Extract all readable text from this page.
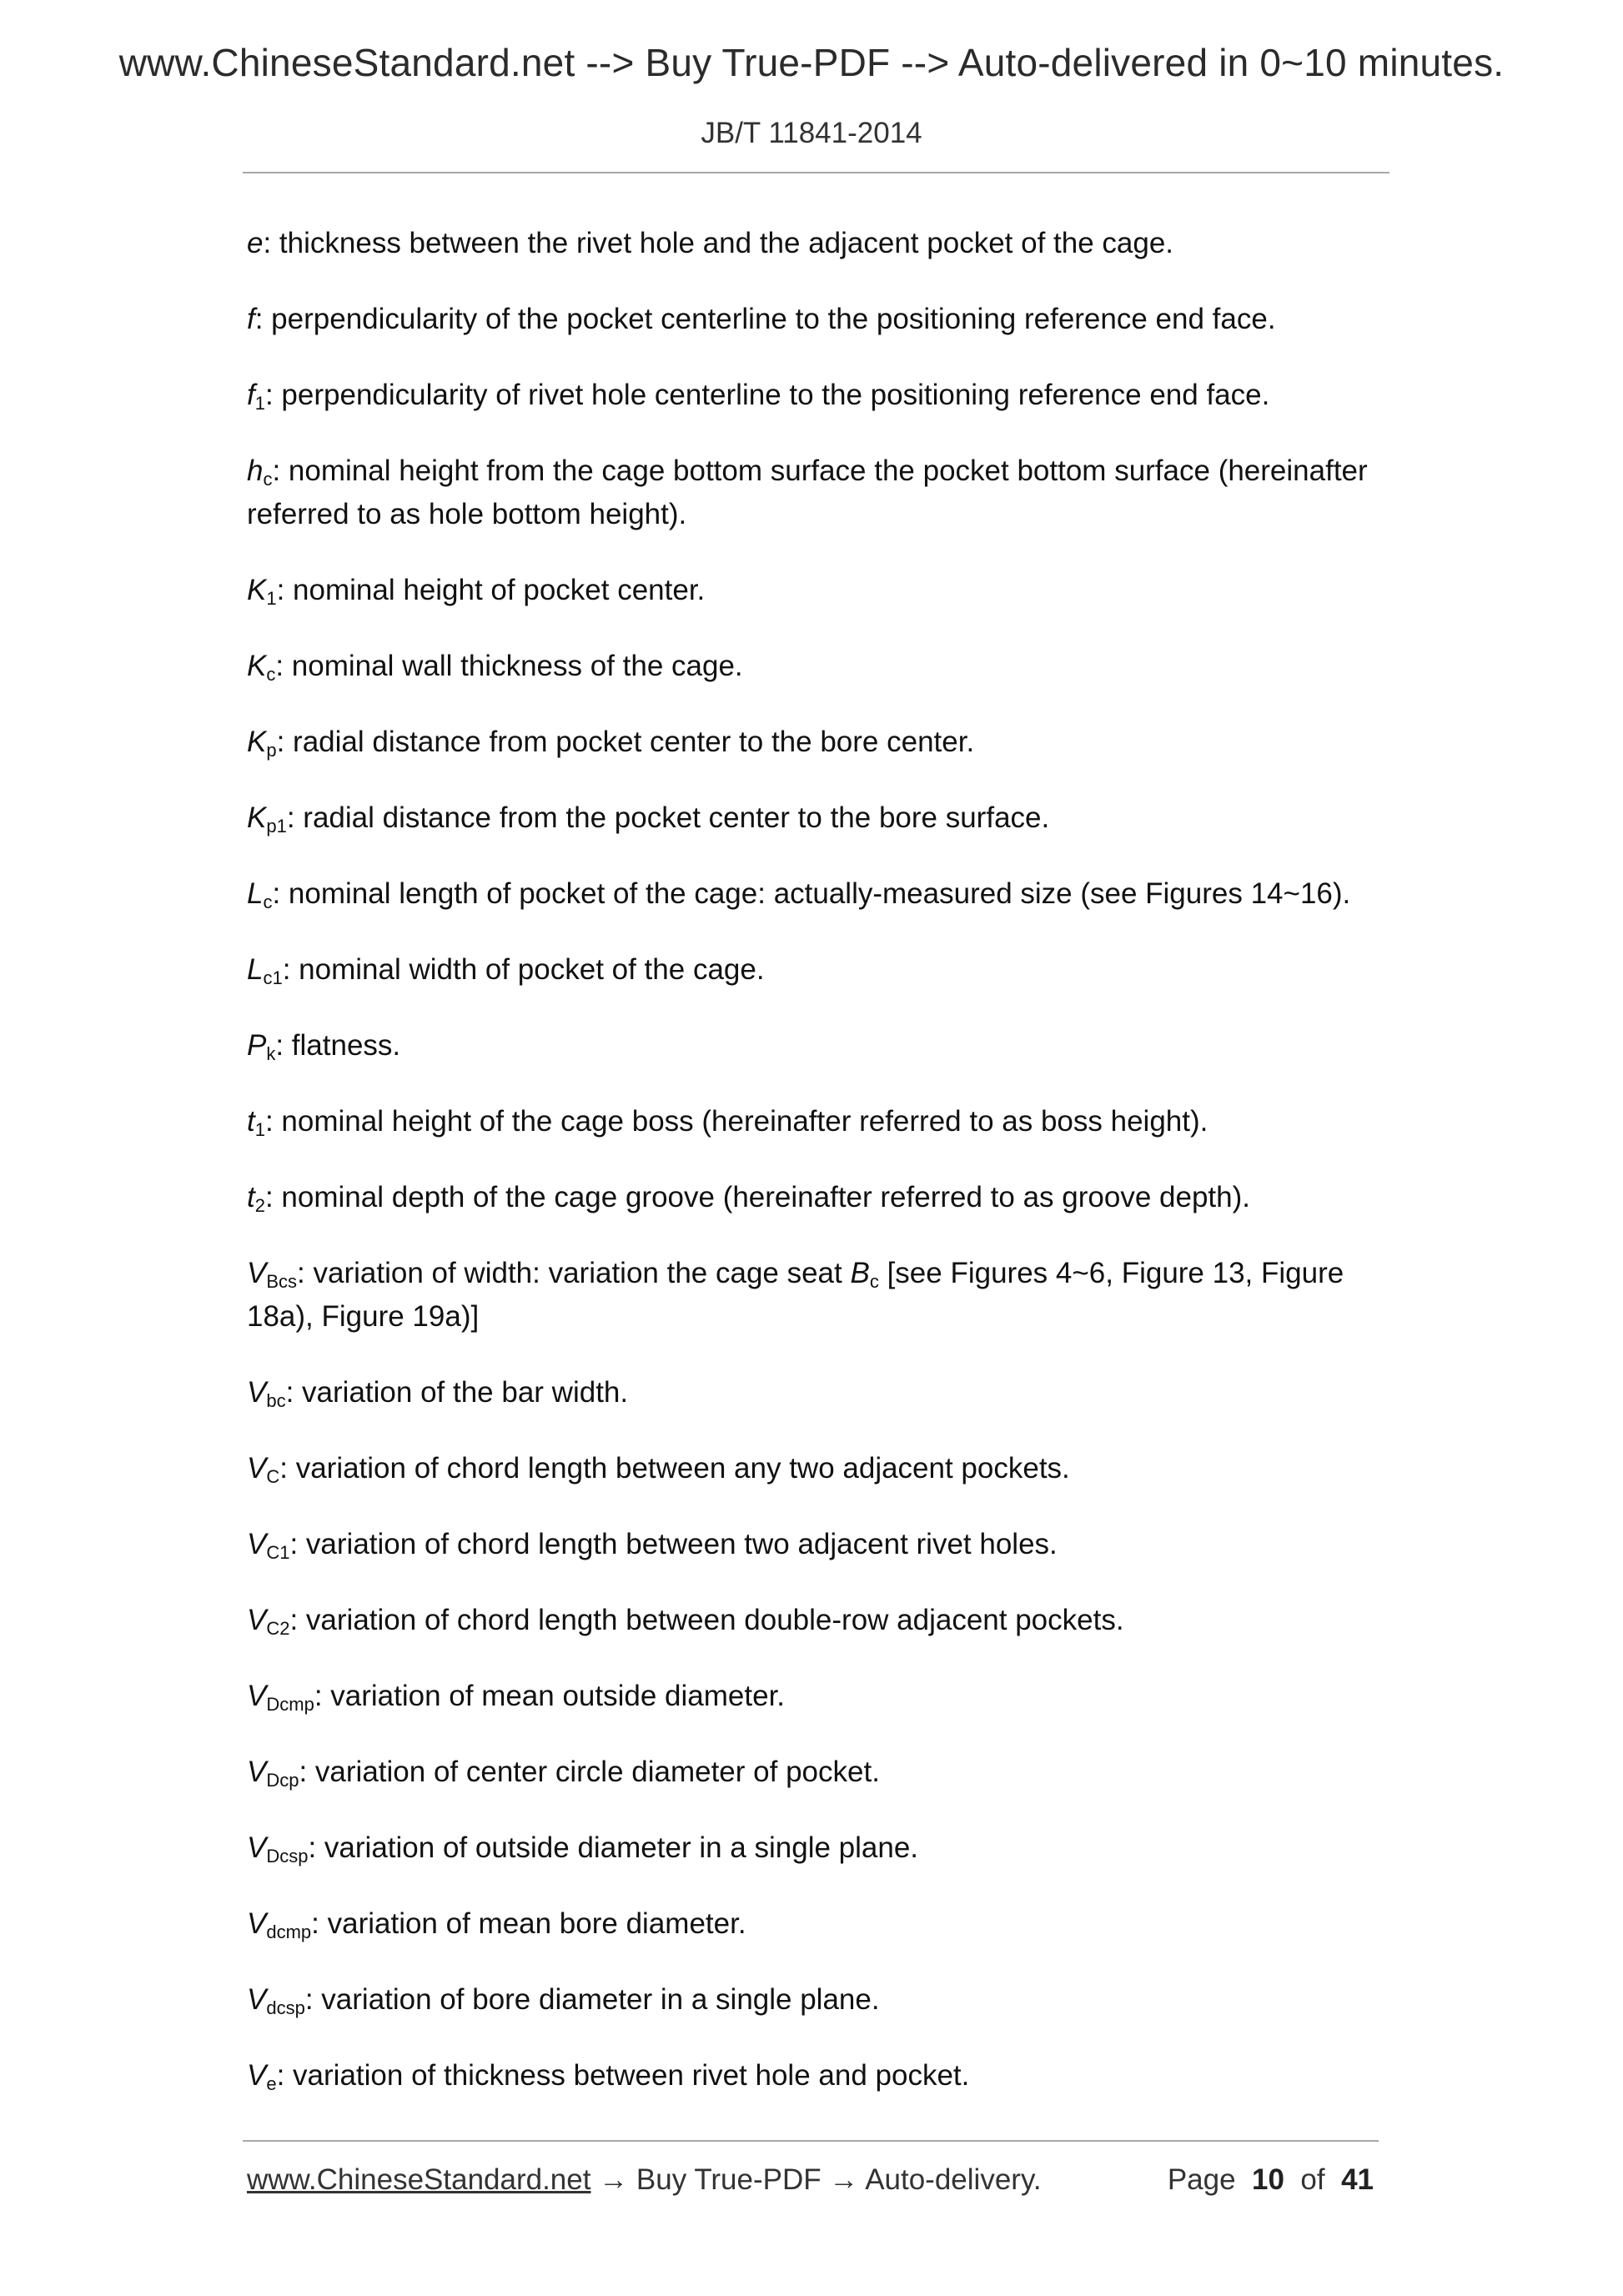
www.ChineseStandard.net --> Buy True-PDF --> Auto-delivered in 0~10 minutes.
JB/T 11841-2014

e: thickness between the rivet hole and the adjacent pocket of the cage.

f: perpendicularity of the pocket centerline to the positioning reference end face.

$f_1$: perpendicularity of rivet hole centerline to the positioning reference end face.

$h_c$: nominal height from the cage bottom surface the pocket bottom surface (hereinafter referred to as hole bottom height).

$K_1$: nominal height of pocket center.

$K_c$: nominal wall thickness of the cage.

$K_p$: radial distance from pocket center to the bore center.

$K_{p1}$: radial distance from the pocket center to the bore surface.

$L_c$: nominal length of pocket of the cage: actually-measured size (see Figures 14~16).

$L_{c1}$: nominal width of pocket of the cage.

$P_k$: flatness.

$t_1$: nominal height of the cage boss (hereinafter referred to as boss height).

$t_2$: nominal depth of the cage groove (hereinafter referred to as groove depth).

$V_{Bcs}$: variation of width: variation the cage seat $B_c$ [see Figures 4~6, Figure 13, Figure 18a), Figure 19a)]

$V_{bc}$: variation of the bar width.

$V_C$: variation of chord length between any two adjacent pockets.

$V_{C1}$: variation of chord length between two adjacent rivet holes.

$V_{C2}$: variation of chord length between double-row adjacent pockets.

$V_{Dcmp}$: variation of mean outside diameter.

$V_{Dcp}$: variation of center circle diameter of pocket.

$V_{Dcsp}$: variation of outside diameter in a single plane.

$V_{dcmp}$: variation of mean bore diameter.

$V_{dcsp}$: variation of bore diameter in a single plane.

$V_e$: variation of thickness between rivet hole and pocket.

www.ChineseStandard.net → Buy True-PDF → Auto-delivery.	Page 10 of 41
